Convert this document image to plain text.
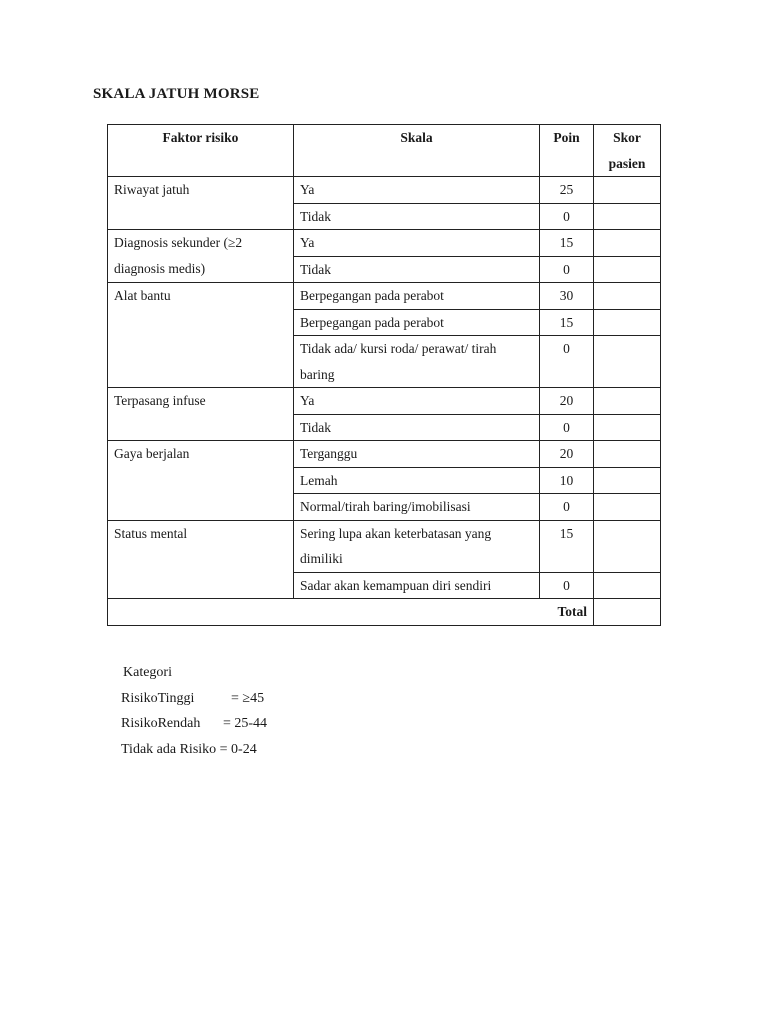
SKALA JATUH MORSE
Faktor risiko	Skala	Poin	Skor pasien
Riwayat jatuh	Ya	25	
	Tidak	0	
Diagnosis sekunder (≥2 diagnosis medis)	Ya	15	
	Tidak	0	
Alat bantu	Berpegangan pada perabot	30	
	Berpegangan pada perabot	15	
	Tidak ada/ kursi roda/ perawat/ tirah baring	0	
Terpasang infuse	Ya	20	
	Tidak	0	
Gaya berjalan	Terganggu	20	
	Lemah	10	
	Normal/tirah baring/imobilisasi	0	
Status mental	Sering lupa akan keterbatasan yang dimiliki	15	
	Sadar akan kemampuan diri sendiri	0	
Total			
Kategori
RisikoTinggi	= ≥45
RisikoRendah = 25-44
Tidak ada Risiko = 0-24
